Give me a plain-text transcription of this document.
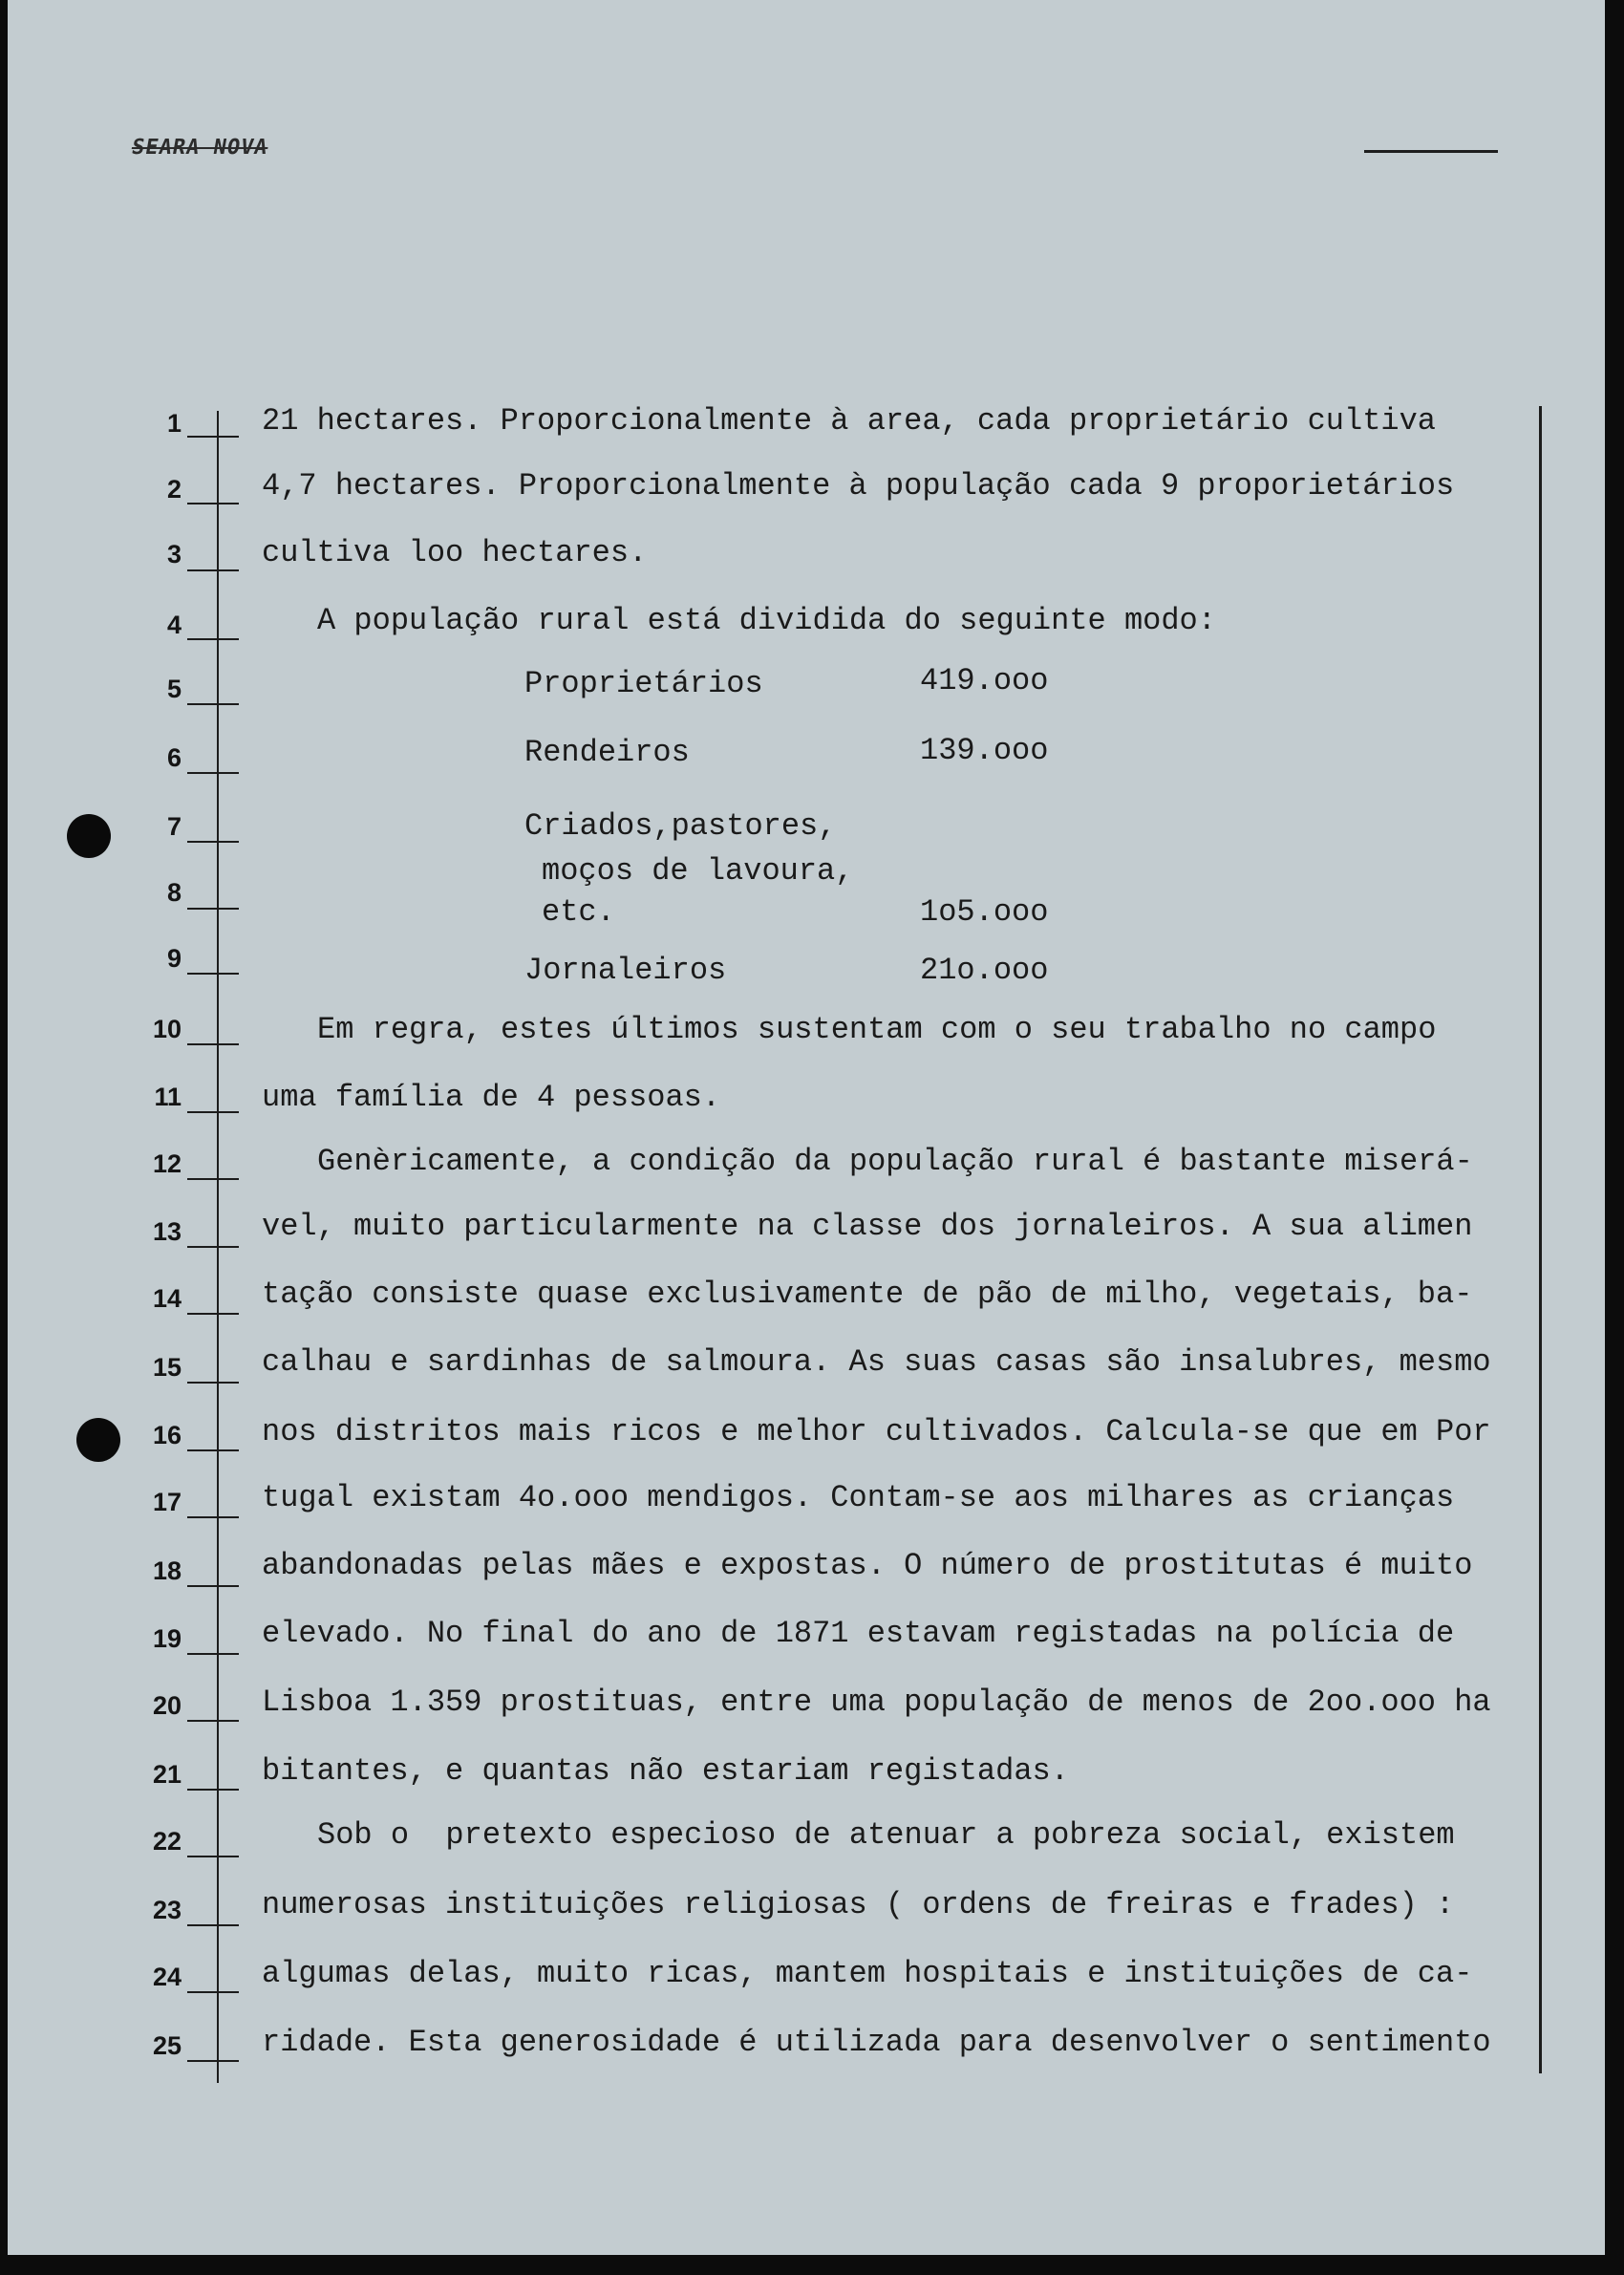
SEARA NOVA
1
2
3
4
5
6
7
8
9
10
11
12
13
14
15
16
17
18
19
20
21
22
23
24
25
21 hectares. Proporcionalmente à area, cada proprietário cultiva
4,7 hectares. Proporcionalmente à população cada 9 proporietários
cultiva loo hectares.
A população rural está dividida do seguinte modo:
Proprietários	419.ooo
Rendeiros	139.ooo
Criados,pastores,
moços de lavoura,
etc.	1o5.ooo
Jornaleiros	21o.ooo
Em regra, estes últimos sustentam com o seu trabalho no campo
uma família de 4 pessoas.
Genèricamente, a condição da população rural é bastante miserá-
vel, muito particularmente na classe dos jornaleiros. A sua alimen
tação consiste quase exclusivamente de pão de milho, vegetais, ba-
calhau e sardinhas de salmoura. As suas casas são insalubres, mesmo
nos distritos mais ricos e melhor cultivados. Calcula-se que em Por
tugal existam 4o.ooo mendigos. Contam-se aos milhares as crianças
abandonadas pelas mães e expostas. O número de prostitutas é muito
elevado. No final do ano de 1871 estavam registadas na polícia de
Lisboa 1.359 prostituas, entre uma população de menos de 2oo.ooo ha
bitantes, e quantas não estariam registadas.
Sob o  pretexto especioso de atenuar a pobreza social, existem
numerosas instituições religiosas ( ordens de freiras e frades) :
algumas delas, muito ricas, mantem hospitais e instituições de ca-
ridade. Esta generosidade é utilizada para desenvolver o sentimento
